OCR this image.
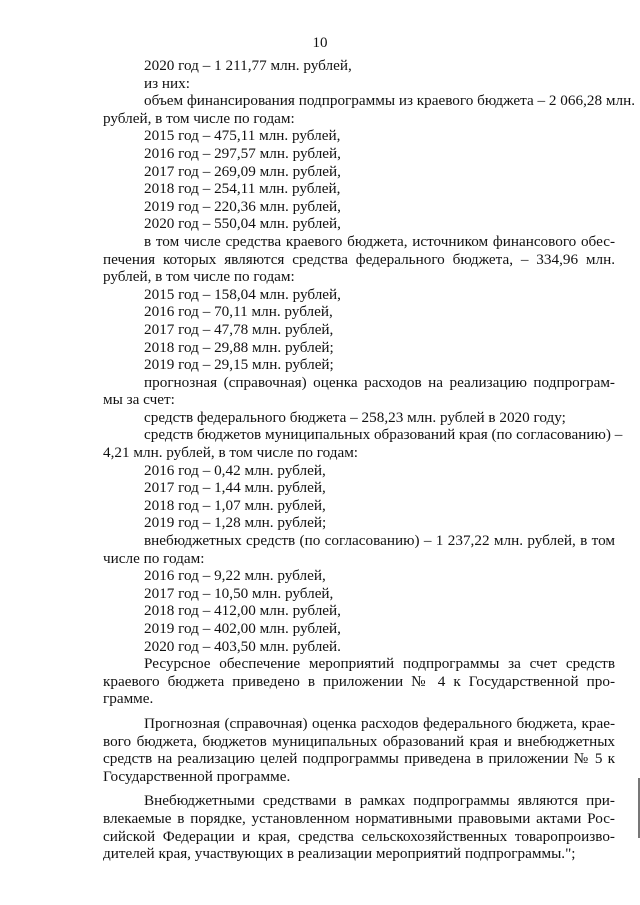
10
2020 год – 1 211,77 млн. рублей,
из них:
объем финансирования подпрограммы из краевого бюджета – 2 066,28 млн.
рублей, в том числе по годам:
2015 год – 475,11 млн. рублей,
2016 год – 297,57 млн. рублей,
2017 год – 269,09 млн. рублей,
2018 год – 254,11 млн. рублей,
2019 год – 220,36 млн. рублей,
2020 год – 550,04 млн. рублей,
в том числе средства краевого бюджета, источником финансового обес-
печения которых являются средства федерального бюджета, – 334,96 млн.
рублей, в том числе по годам:
2015 год – 158,04 млн. рублей,
2016 год – 70,11 млн. рублей,
2017 год – 47,78 млн. рублей,
2018 год – 29,88 млн. рублей;
2019 год – 29,15 млн. рублей;
прогнозная (справочная) оценка расходов на реализацию подпрограм-
мы за счет:
средств федерального бюджета – 258,23 млн. рублей в 2020 году;
средств бюджетов муниципальных образований края (по согласованию) –
4,21 млн. рублей, в том числе по годам:
2016 год – 0,42 млн. рублей,
2017 год – 1,44 млн. рублей,
2018 год – 1,07 млн. рублей,
2019 год – 1,28 млн. рублей;
внебюджетных средств (по согласованию) – 1 237,22 млн. рублей, в том
числе по годам:
2016 год – 9,22 млн. рублей,
2017 год – 10,50 млн. рублей,
2018 год – 412,00 млн. рублей,
2019 год – 402,00 млн. рублей,
2020 год – 403,50 млн. рублей.
Ресурсное обеспечение мероприятий подпрограммы за счет средств
краевого бюджета приведено в приложении № 4 к Государственной про-
грамме.
Прогнозная (справочная) оценка расходов федерального бюджета, крае-
вого бюджета, бюджетов муниципальных образований края и внебюджетных
средств на реализацию целей подпрограммы приведена в приложении № 5 к
Государственной программе.
Внебюджетными средствами в рамках подпрограммы являются при-
влекаемые в порядке, установленном нормативными правовыми актами Рос-
сийской Федерации и края, средства сельскохозяйственных товаропроизво-
дителей края, участвующих в реализации мероприятий подпрограммы.";
